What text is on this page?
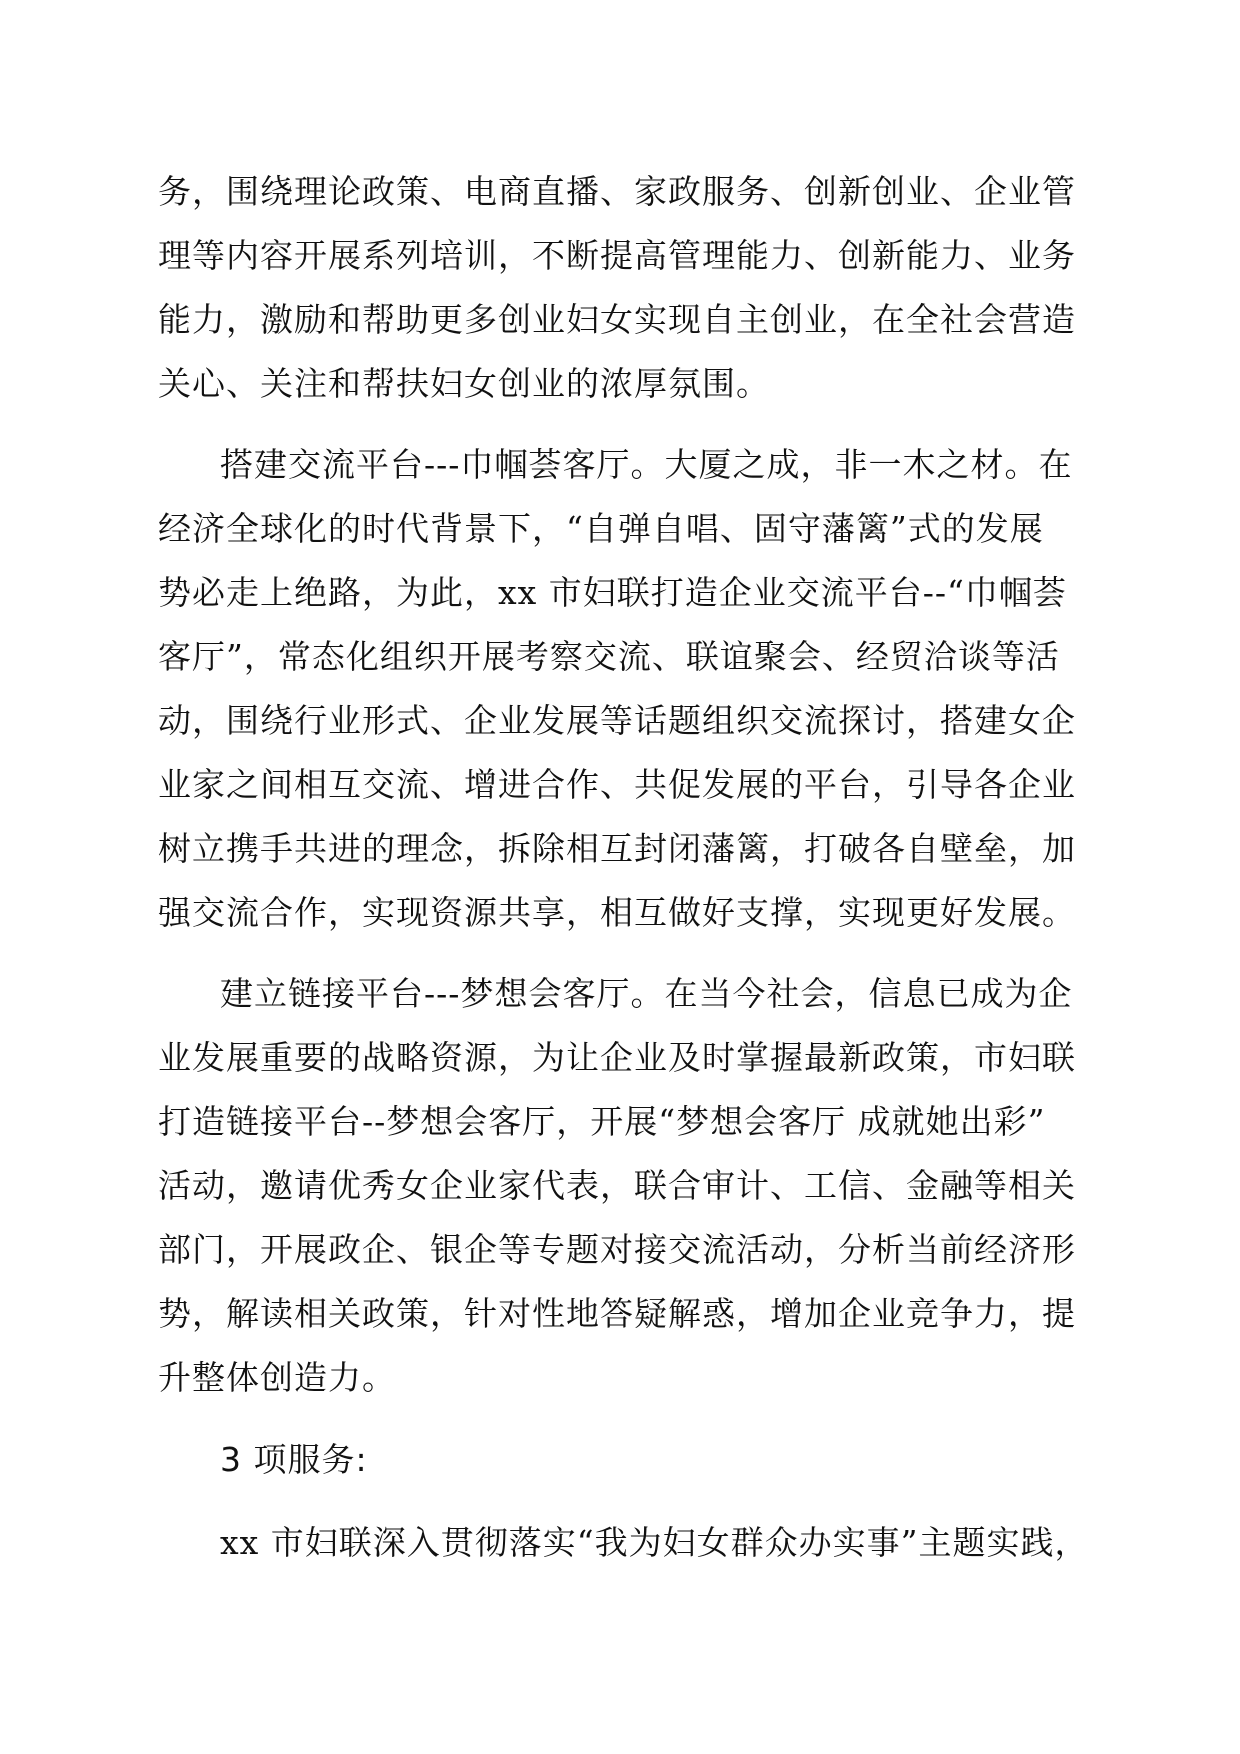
务，围绕理论政策、电商直播、家政服务、创新创业、企业管
理等内容开展系列培训，不断提高管理能力、创新能力、业务
能力，激励和帮助更多创业妇女实现自主创业，在全社会营造
关心、关注和帮扶妇女创业的浓厚氛围。
搭建交流平台---巾帼荟客厅。大厦之成，非一木之材。在
经济全球化的时代背景下，“自弹自唱、固守藩篱”式的发展
势必走上绝路，为此，xx 市妇联打造企业交流平台--“巾帼荟
客厅”，常态化组织开展考察交流、联谊聚会、经贸洽谈等活
动，围绕行业形式、企业发展等话题组织交流探讨，搭建女企
业家之间相互交流、增进合作、共促发展的平台，引导各企业
树立携手共进的理念，拆除相互封闭藩篱，打破各自壁垒，加
强交流合作，实现资源共享，相互做好支撑，实现更好发展。
建立链接平台---梦想会客厅。在当今社会，信息已成为企
业发展重要的战略资源，为让企业及时掌握最新政策，市妇联
打造链接平台--梦想会客厅，开展“梦想会客厅 成就她出彩”
活动，邀请优秀女企业家代表，联合审计、工信、金融等相关
部门，开展政企、银企等专题对接交流活动，分析当前经济形
势，解读相关政策，针对性地答疑解惑，增加企业竞争力，提
升整体创造力。
3 项服务:
xx 市妇联深入贯彻落实“我为妇女群众办实事”主题实践，
